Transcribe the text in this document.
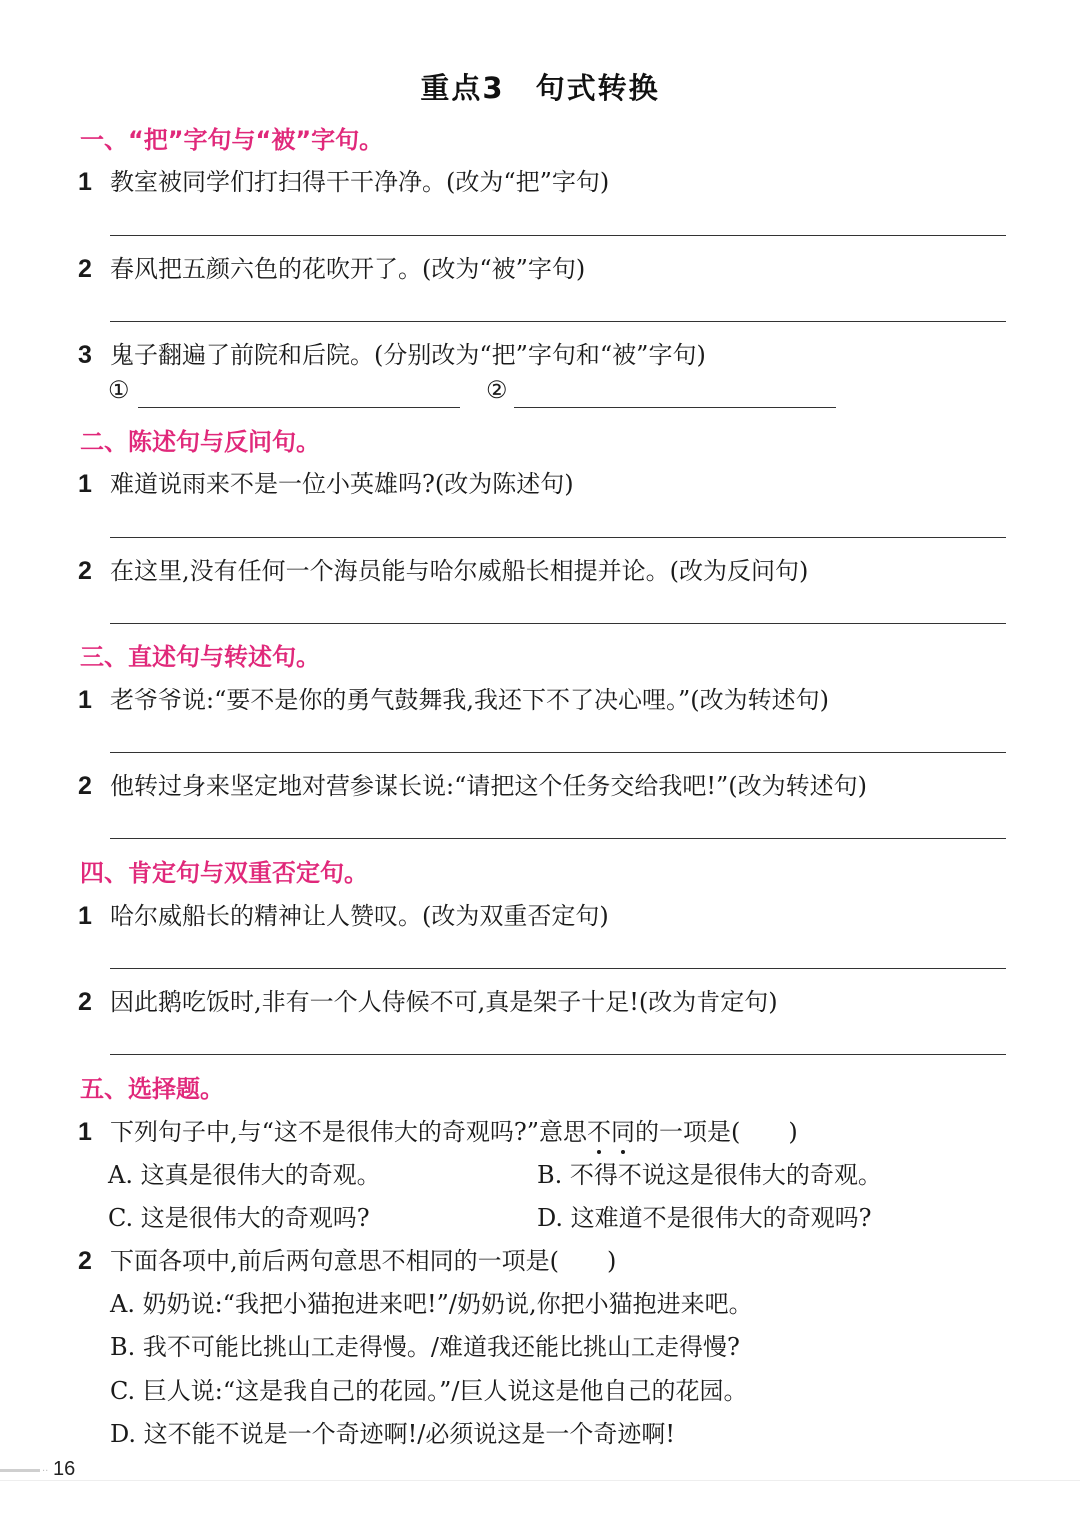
重点3　句式转换
一、“把”字句与“被”字句。
1 教室被同学们打扫得干干净净。(改为“把”字句)
2 春风把五颜六色的花吹开了。(改为“被”字句)
3 鬼子翻遍了前院和后院。(分别改为“把”字句和“被”字句)
①	②
二、陈述句与反问句。
1 难道说雨来不是一位小英雄吗?(改为陈述句)
2 在这里,没有任何一个海员能与哈尔威船长相提并论。(改为反问句)
三、直述句与转述句。
1 老爷爷说:“要不是你的勇气鼓舞我,我还下不了决心哩。”(改为转述句)
2 他转过身来坚定地对营参谋长说:“请把这个任务交给我吧!”(改为转述句)
四、肯定句与双重否定句。
1 哈尔威船长的精神让人赞叹。(改为双重否定句)
2 因此鹅吃饭时,非有一个人侍候不可,真是架子十足!(改为肯定句)
五、选择题。
1 下列句子中,与“这不是很伟大的奇观吗?”意思不同的一项是(　　)
A. 这真是很伟大的奇观。	B. 不得不说这是很伟大的奇观。
C. 这是很伟大的奇观吗?	D. 这难道不是很伟大的奇观吗?
2 下面各项中,前后两句意思不相同的一项是(　　)
A. 奶奶说:“我把小猫抱进来吧!”/奶奶说,你把小猫抱进来吧。
B. 我不可能比挑山工走得慢。/难道我还能比挑山工走得慢?
C. 巨人说:“这是我自己的花园。”/巨人说这是他自己的花园。
D. 这不能不说是一个奇迹啊!/必须说这是一个奇迹啊!
·· 16
